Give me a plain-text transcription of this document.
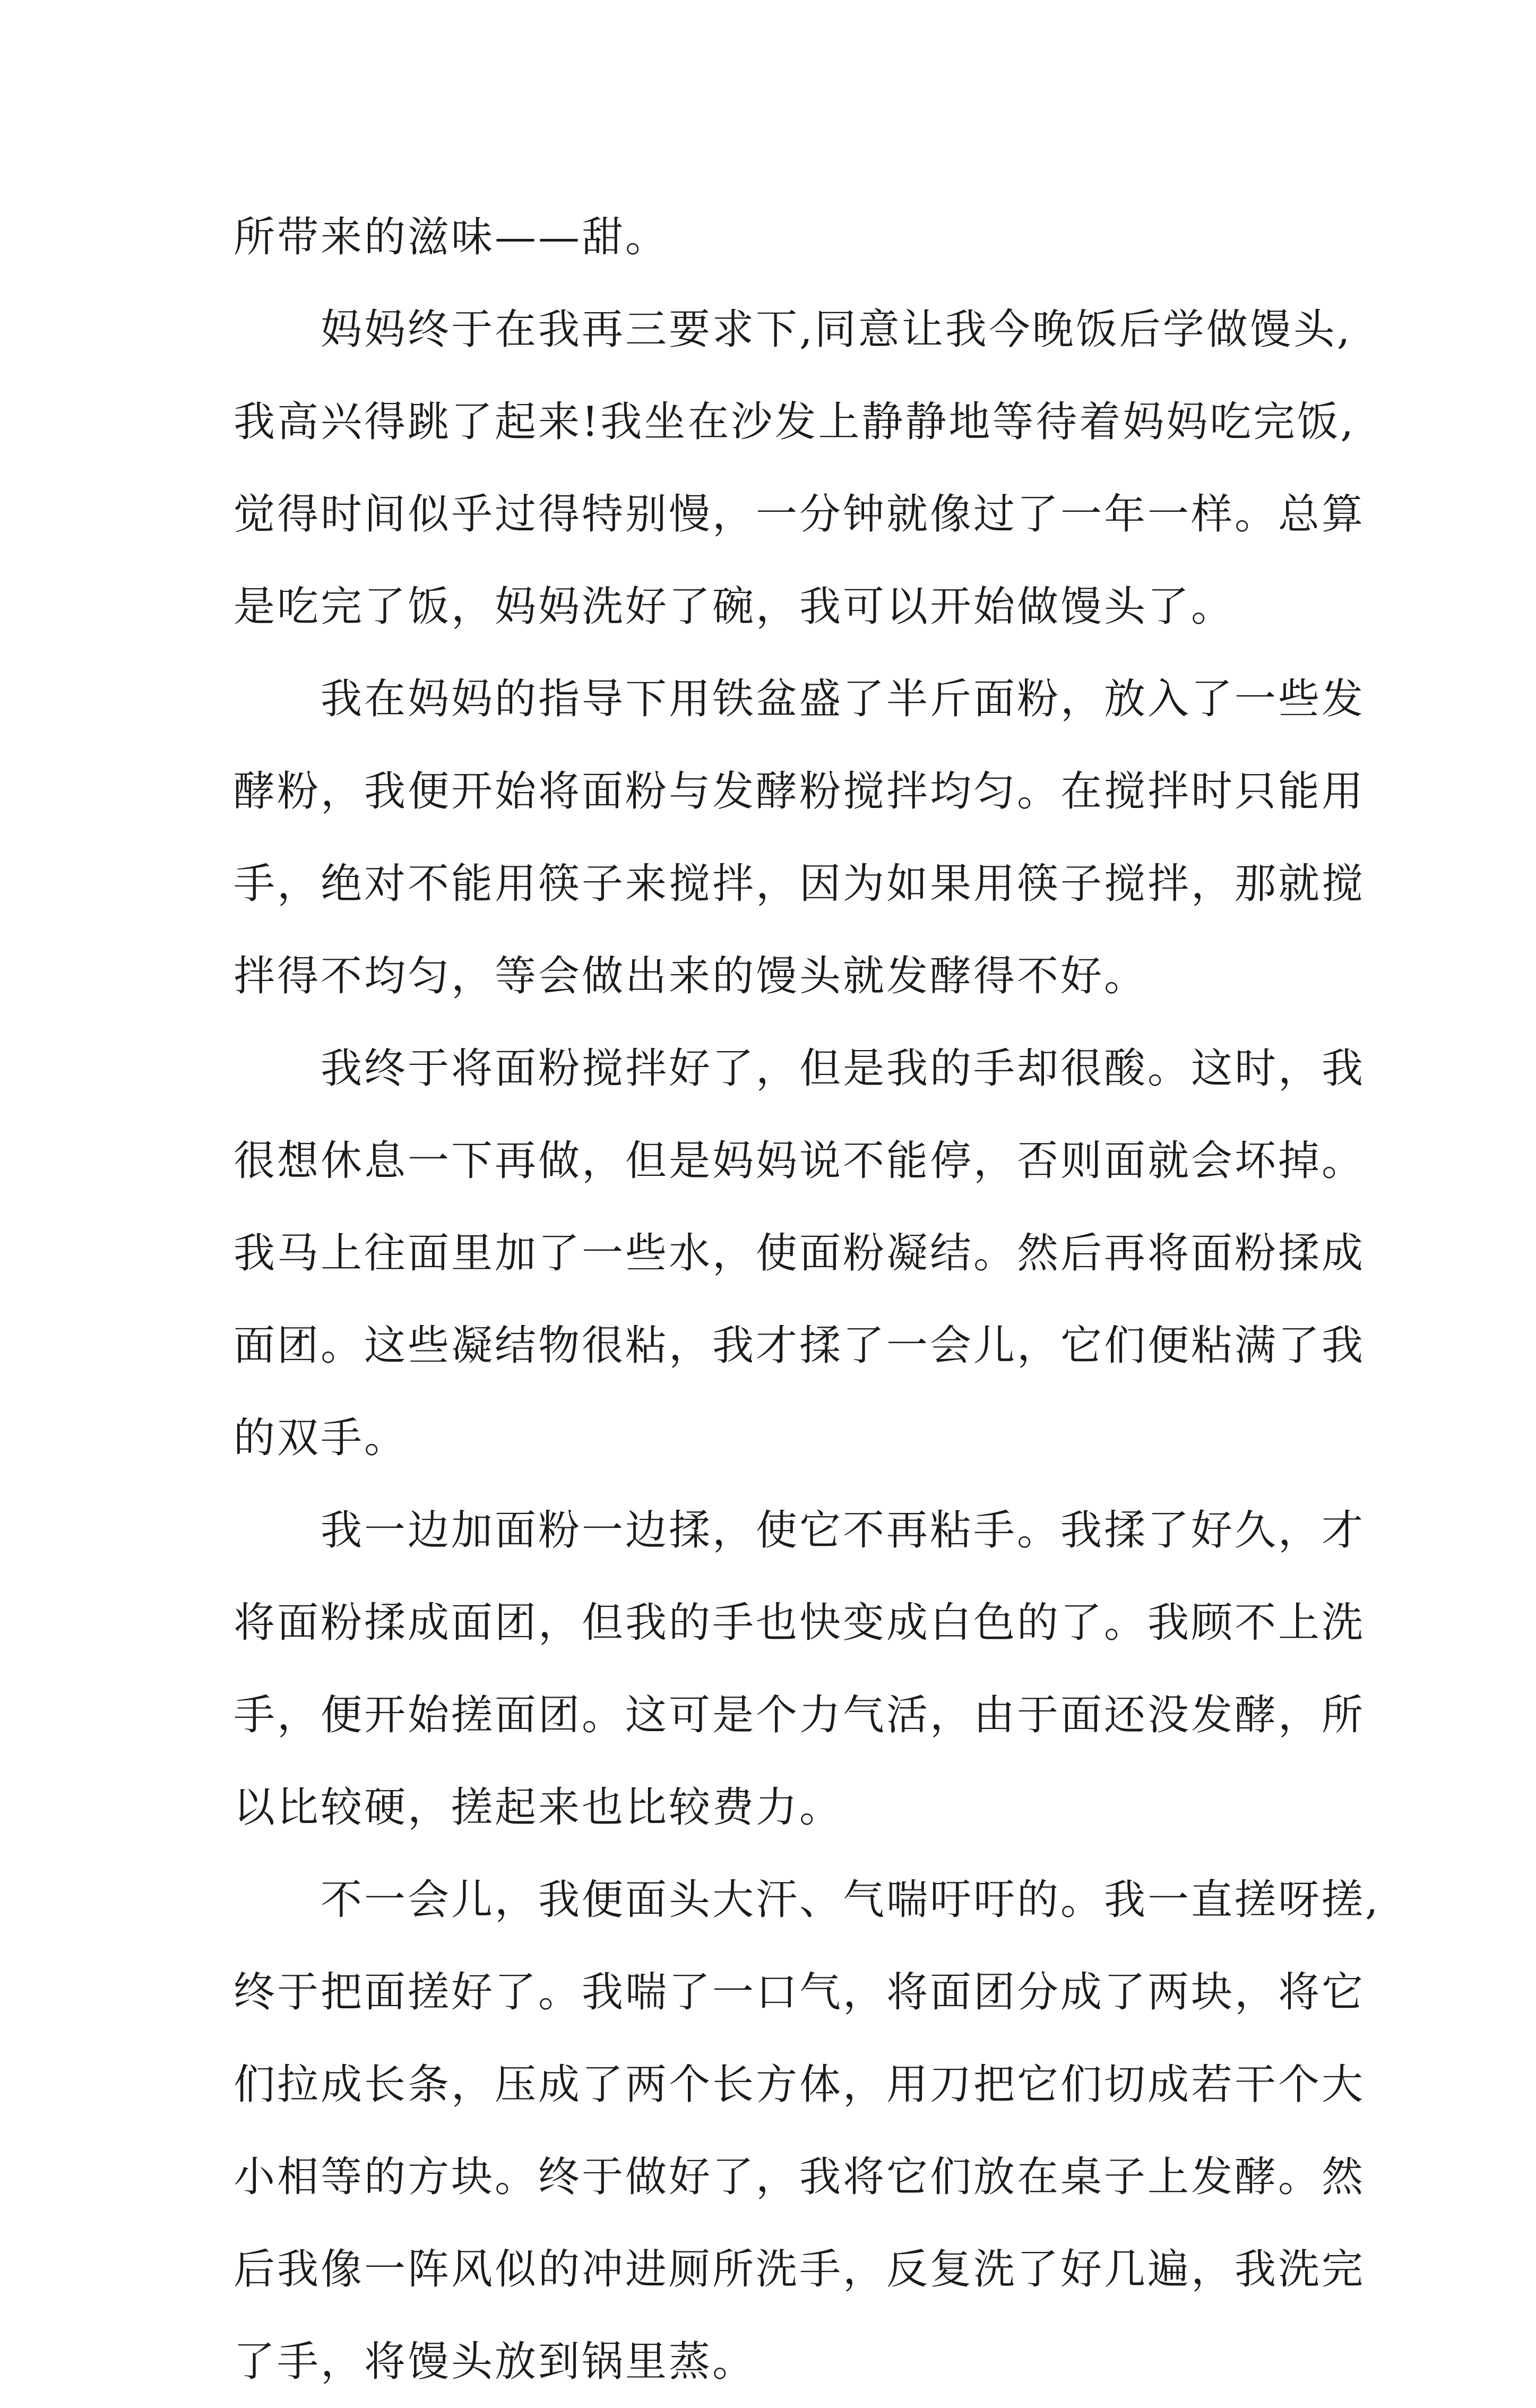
所带来的滋味——甜。
妈妈终于在我再三要求下,同意让我今晚饭后学做馒头,
我高兴得跳了起来!我坐在沙发上静静地等待着妈妈吃完饭,
觉得时间似乎过得特别慢，一分钟就像过了一年一样。总算
是吃完了饭，妈妈洗好了碗，我可以开始做馒头了。
我在妈妈的指导下用铁盆盛了半斤面粉，放入了一些发
酵粉，我便开始将面粉与发酵粉搅拌均匀。在搅拌时只能用
手，绝对不能用筷子来搅拌，因为如果用筷子搅拌，那就搅
拌得不均匀，等会做出来的馒头就发酵得不好。
我终于将面粉搅拌好了，但是我的手却很酸。这时，我
很想休息一下再做，但是妈妈说不能停，否则面就会坏掉。
我马上往面里加了一些水，使面粉凝结。然后再将面粉揉成
面团。这些凝结物很粘，我才揉了一会儿，它们便粘满了我
的双手。
我一边加面粉一边揉，使它不再粘手。我揉了好久，才
将面粉揉成面团，但我的手也快变成白色的了。我顾不上洗
手，便开始搓面团。这可是个力气活，由于面还没发酵，所
以比较硬，搓起来也比较费力。
不一会儿，我便面头大汗、气喘吁吁的。我一直搓呀搓,
终于把面搓好了。我喘了一口气，将面团分成了两块，将它
们拉成长条，压成了两个长方体，用刀把它们切成若干个大
小相等的方块。终于做好了，我将它们放在桌子上发酵。然
后我像一阵风似的冲进厕所洗手，反复洗了好几遍，我洗完
了手，将馒头放到锅里蒸。
